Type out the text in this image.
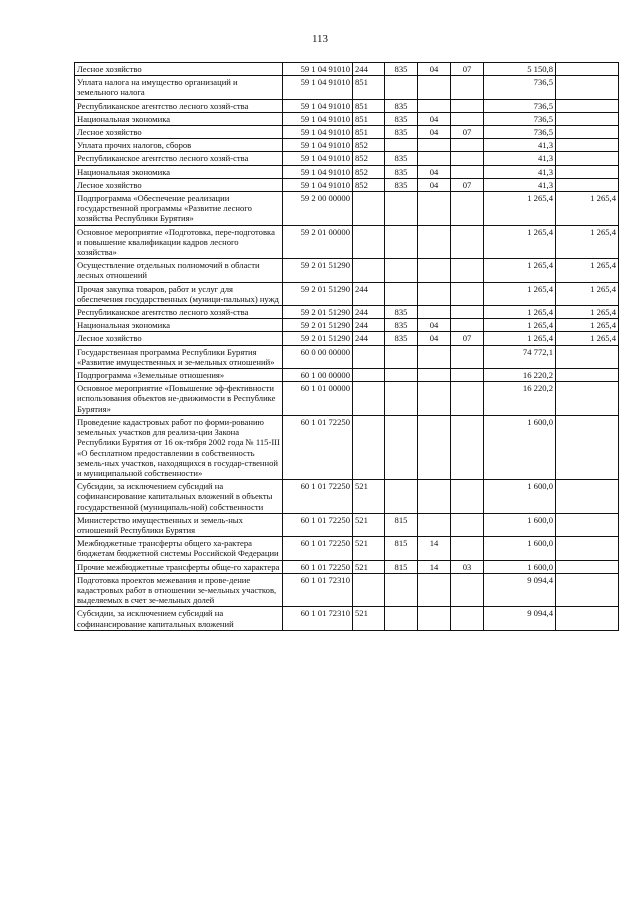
113
Лесное хозяйство	59 1 04 91010	244	835	04	07	5 150,8	
Уплата налога на имущество организаций и земельного налога	59 1 04 91010	851				736,5	
Республиканское агентство лесного хозяй-ства	59 1 04 91010	851	835			736,5	
Национальная экономика	59 1 04 91010	851	835	04		736,5	
Лесное хозяйство	59 1 04 91010	851	835	04	07	736,5	
Уплата прочих налогов, сборов	59 1 04 91010	852				41,3	
Республиканское агентство лесного хозяй-ства	59 1 04 91010	852	835			41,3	
Национальная экономика	59 1 04 91010	852	835	04		41,3	
Лесное хозяйство	59 1 04 91010	852	835	04	07	41,3	
Подпрограмма «Обеспечение реализации государственной программы «Развитие лесного хозяйства Республики Бурятия»	59 2 00 00000					1 265,4	1 265,4
Основное мероприятие «Подготовка, пере-подготовка и повышение квалификации кадров лесного хозяйства»	59 2 01 00000					1 265,4	1 265,4
Осуществление отдельных полномочий в области лесных отношений	59 2 01 51290					1 265,4	1 265,4
Прочая закупка товаров, работ и услуг для обеспечения государственных (муници-пальных) нужд	59 2 01 51290	244				1 265,4	1 265,4
Республиканское агентство лесного хозяй-ства	59 2 01 51290	244	835			1 265,4	1 265,4
Национальная экономика	59 2 01 51290	244	835	04		1 265,4	1 265,4
Лесное хозяйство	59 2 01 51290	244	835	04	07	1 265,4	1 265,4
Государственная программа Республики Бурятия «Развитие имущественных и зе-мельных отношений»	60 0 00 00000					74 772,1	
Подпрограмма «Земельные отношения»	60 1 00 00000					16 220,2	
Основное мероприятие «Повышение эф-фективности использования объектов не-движимости в Республике Бурятия»	60 1 01 00000					16 220,2	
Проведение кадастровых работ по форми-рованию земельных участков для реализа-ции Закона Республики Бурятия от 16 ок-тября 2002 года № 115-III «О бесплатном предоставлении в собственность земель-ных участков, находящихся в государ-ственной и муниципальной собственности»	60 1 01 72250					1 600,0	
Субсидии, за исключением субсидий на софинансирование капитальных вложений в объекты государственной (муниципаль-ной) собственности	60 1 01 72250	521				1 600,0	
Министерство имущественных и земель-ных отношений Республики Бурятия	60 1 01 72250	521	815			1 600,0	
Межбюджетные трансферты общего ха-рактера бюджетам бюджетной системы Российской Федерации	60 1 01 72250	521	815	14		1 600,0	
Прочие межбюджетные трансферты обще-го характера	60 1 01 72250	521	815	14	03	1 600,0	
Подготовка проектов межевания и прове-дение кадастровых работ в отношении зе-мельных участков, выделяемых в счет зе-мельных долей	60 1 01 72310					9 094,4	
Субсидии, за исключением субсидий на софинансирование капитальных вложений	60 1 01 72310	521				9 094,4	
